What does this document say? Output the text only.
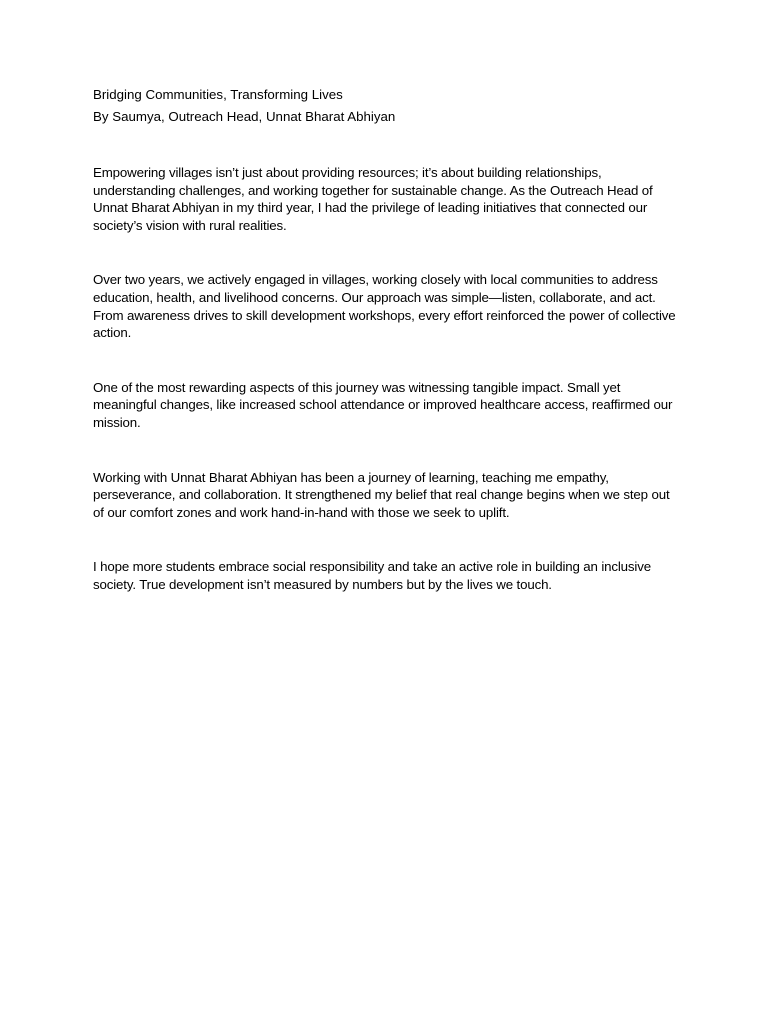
Bridging Communities, Transforming Lives

By Saumya, Outreach Head, Unnat Bharat Abhiyan

Empowering villages isn’t just about providing resources; it’s about building relationships, understanding challenges, and working together for sustainable change. As the Outreach Head of Unnat Bharat Abhiyan in my third year, I had the privilege of leading initiatives that connected our society’s vision with rural realities.

Over two years, we actively engaged in villages, working closely with local communities to address education, health, and livelihood concerns. Our approach was simple—listen, collaborate, and act. From awareness drives to skill development workshops, every effort reinforced the power of collective action.

One of the most rewarding aspects of this journey was witnessing tangible impact. Small yet meaningful changes, like increased school attendance or improved healthcare access, reaffirmed our mission.

Working with Unnat Bharat Abhiyan has been a journey of learning, teaching me empathy, perseverance, and collaboration. It strengthened my belief that real change begins when we step out of our comfort zones and work hand-in-hand with those we seek to uplift.

I hope more students embrace social responsibility and take an active role in building an inclusive society. True development isn’t measured by numbers but by the lives we touch.
